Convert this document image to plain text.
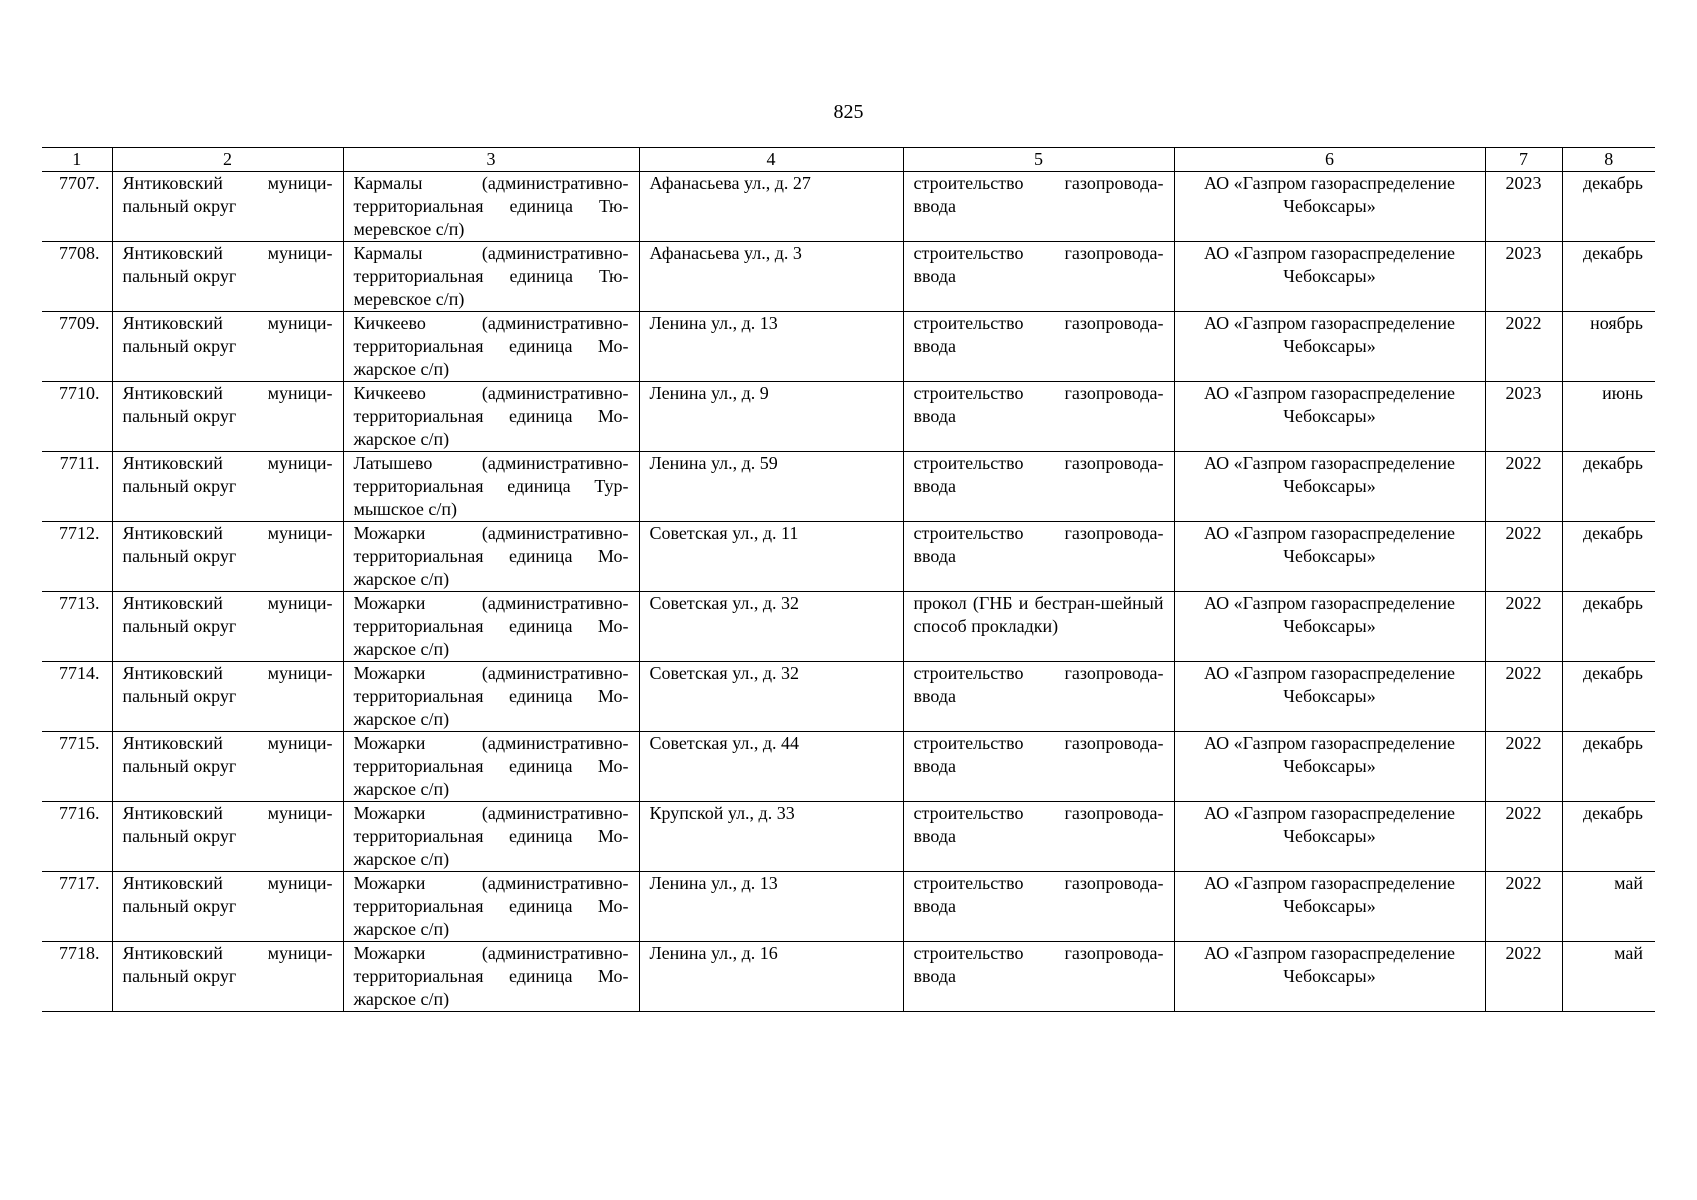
825
1	2	3	4	5	6	7	8
7707.	Янтиковский муници-пальный округ	Кармалы (административно-территориальная единица Тю-меревское с/п)	Афанасьева ул., д. 27	строительство газопровода-ввода	АО «Газпром газораспределение Чебоксары»	2023	декабрь
7708.	Янтиковский муници-пальный округ	Кармалы (административно-территориальная единица Тю-меревское с/п)	Афанасьева ул., д. 3	строительство газопровода-ввода	АО «Газпром газораспределение Чебоксары»	2023	декабрь
7709.	Янтиковский муници-пальный округ	Кичкеево (административно-территориальная единица Мо-жарское с/п)	Ленина ул., д. 13	строительство газопровода-ввода	АО «Газпром газораспределение Чебоксары»	2022	ноябрь
7710.	Янтиковский муници-пальный округ	Кичкеево (административно-территориальная единица Мо-жарское с/п)	Ленина ул., д. 9	строительство газопровода-ввода	АО «Газпром газораспределение Чебоксары»	2023	июнь
7711.	Янтиковский муници-пальный округ	Латышево (административно-территориальная единица Тур-мышское с/п)	Ленина ул., д. 59	строительство газопровода-ввода	АО «Газпром газораспределение Чебоксары»	2022	декабрь
7712.	Янтиковский муници-пальный округ	Можарки (административно-территориальная единица Мо-жарское с/п)	Советская ул., д. 11	строительство газопровода-ввода	АО «Газпром газораспределение Чебоксары»	2022	декабрь
7713.	Янтиковский муници-пальный округ	Можарки (административно-территориальная единица Мо-жарское с/п)	Советская ул., д. 32	прокол (ГНБ и бестран-шейный способ прокладки)	АО «Газпром газораспределение Чебоксары»	2022	декабрь
7714.	Янтиковский муници-пальный округ	Можарки (административно-территориальная единица Мо-жарское с/п)	Советская ул., д. 32	строительство газопровода-ввода	АО «Газпром газораспределение Чебоксары»	2022	декабрь
7715.	Янтиковский муници-пальный округ	Можарки (административно-территориальная единица Мо-жарское с/п)	Советская ул., д. 44	строительство газопровода-ввода	АО «Газпром газораспределение Чебоксары»	2022	декабрь
7716.	Янтиковский муници-пальный округ	Можарки (административно-территориальная единица Мо-жарское с/п)	Крупской ул., д. 33	строительство газопровода-ввода	АО «Газпром газораспределение Чебоксары»	2022	декабрь
7717.	Янтиковский муници-пальный округ	Можарки (административно-территориальная единица Мо-жарское с/п)	Ленина ул., д. 13	строительство газопровода-ввода	АО «Газпром газораспределение Чебоксары»	2022	май
7718.	Янтиковский муници-пальный округ	Можарки (административно-территориальная единица Мо-жарское с/п)	Ленина ул., д. 16	строительство газопровода-ввода	АО «Газпром газораспределение Чебоксары»	2022	май
